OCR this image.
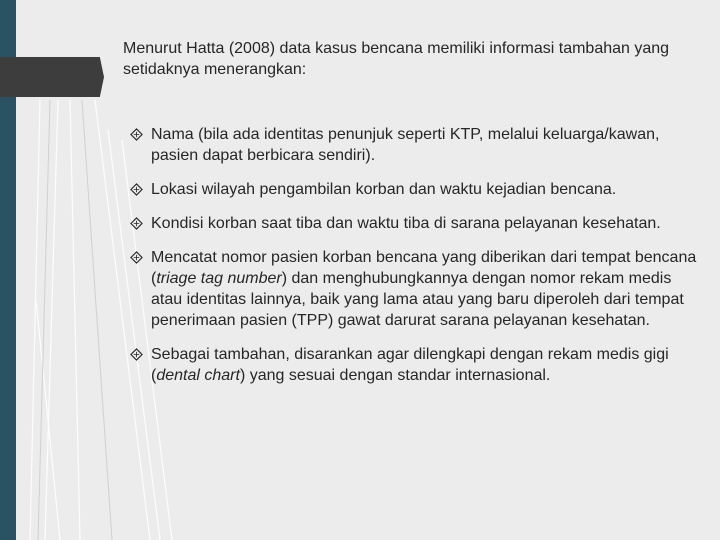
Menurut Hatta (2008) data kasus bencana memiliki informasi tambahan yang setidaknya menerangkan:

Nama (bila ada identitas penunjuk seperti KTP, melalui keluarga/kawan, pasien dapat berbicara sendiri).
Lokasi wilayah pengambilan korban dan waktu kejadian bencana.
Kondisi korban saat tiba dan waktu tiba di sarana pelayanan kesehatan.
Mencatat nomor pasien korban bencana yang diberikan dari tempat bencana (triage tag number) dan menghubungkannya dengan nomor rekam medis atau identitas lainnya, baik yang lama atau yang baru diperoleh dari tempat penerimaan pasien (TPP) gawat darurat sarana pelayanan kesehatan.
Sebagai tambahan, disarankan agar dilengkapi dengan rekam medis gigi (dental chart) yang sesuai dengan standar internasional.
